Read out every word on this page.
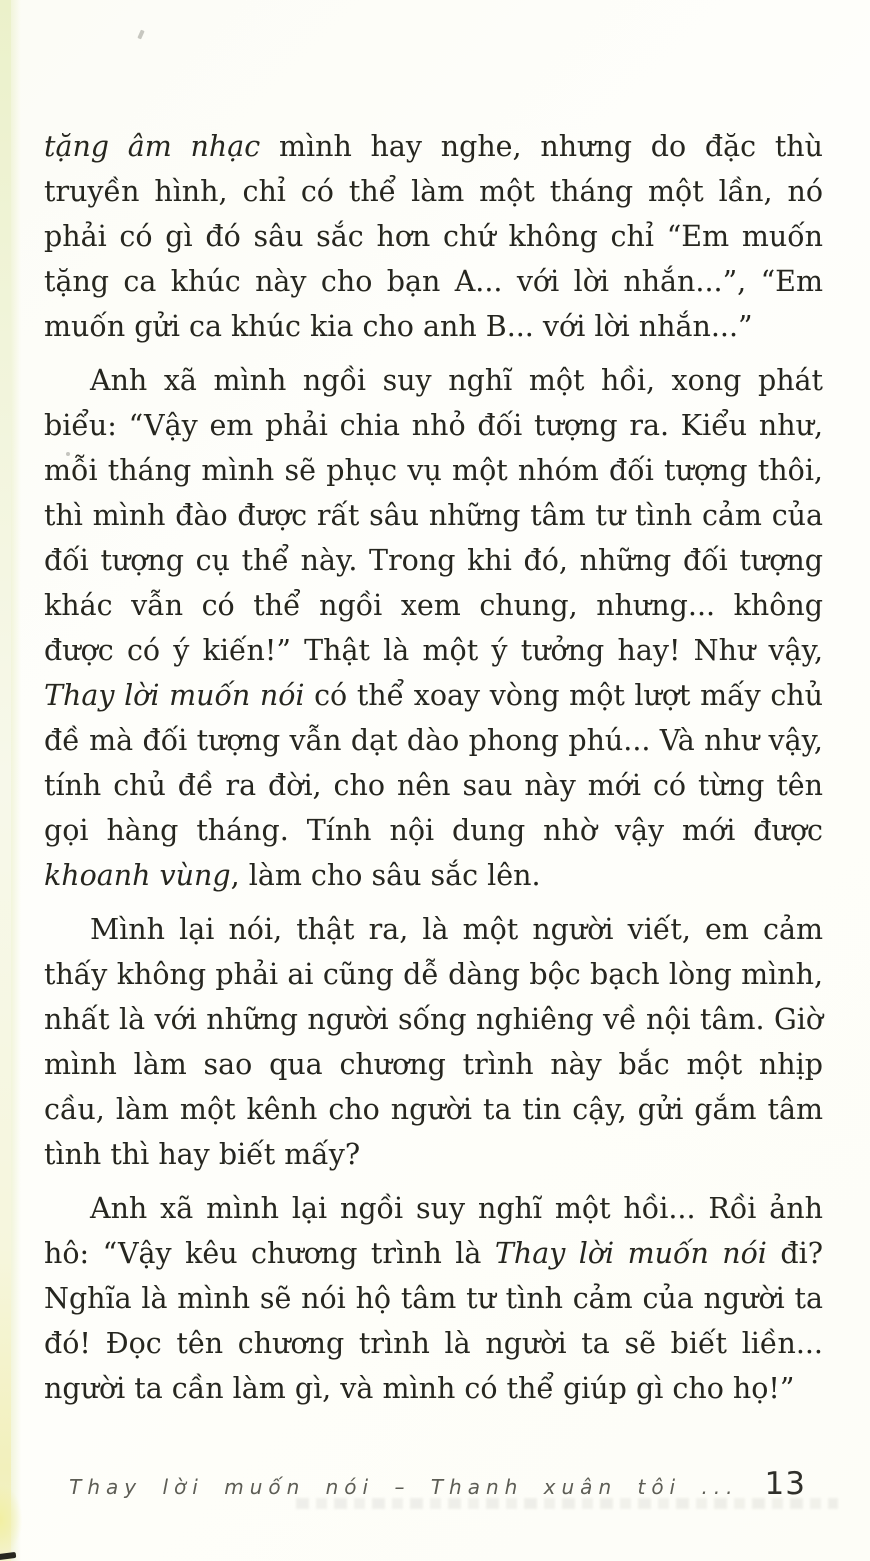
tặng âm nhạc mình hay nghe, nhưng do đặc thù truyền hình, chỉ có thể làm một tháng một lần, nó phải có gì đó sâu sắc hơn chứ không chỉ “Em muốn tặng ca khúc này cho bạn A... với lời nhắn...”, “Em muốn gửi ca khúc kia cho anh B... với lời nhắn...”

Anh xã mình ngồi suy nghĩ một hồi, xong phát biểu: “Vậy em phải chia nhỏ đối tượng ra. Kiểu như, mỗi tháng mình sẽ phục vụ một nhóm đối tượng thôi, thì mình đào được rất sâu những tâm tư tình cảm của đối tượng cụ thể này. Trong khi đó, những đối tượng khác vẫn có thể ngồi xem chung, nhưng... không được có ý kiến!” Thật là một ý tưởng hay! Như vậy, Thay lời muốn nói có thể xoay vòng một lượt mấy chủ đề mà đối tượng vẫn dạt dào phong phú... Và như vậy, tính chủ đề ra đời, cho nên sau này mới có từng tên gọi hàng tháng. Tính nội dung nhờ vậy mới được khoanh vùng, làm cho sâu sắc lên.

Mình lại nói, thật ra, là một người viết, em cảm thấy không phải ai cũng dễ dàng bộc bạch lòng mình, nhất là với những người sống nghiêng về nội tâm. Giờ mình làm sao qua chương trình này bắc một nhịp cầu, làm một kênh cho người ta tin cậy, gửi gắm tâm tình thì hay biết mấy?

Anh xã mình lại ngồi suy nghĩ một hồi... Rồi ảnh hô: “Vậy kêu chương trình là Thay lời muốn nói đi? Nghĩa là mình sẽ nói hộ tâm tư tình cảm của người ta đó! Đọc tên chương trình là người ta sẽ biết liền... người ta cần làm gì, và mình có thể giúp gì cho họ!”

Thay lời muốn nói – Thanh xuân tôi ... 13
